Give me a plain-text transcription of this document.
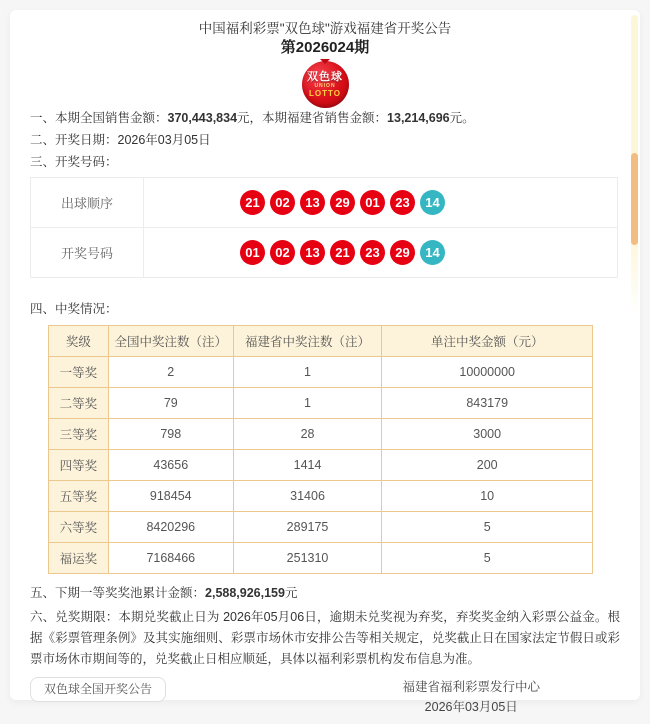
中国福利彩票"双色球"游戏福建省开奖公告
第2026024期
双色球
UNION
LOTTO
一、本期全国销售金额：370,443,834元，本期福建省销售金额：13,214,696元。
二、开奖日期：2026年03月05日
三、开奖号码：
出球顺序	21	02	13	29	01	23	14

开奖号码	01	02	13	21	23	29	14
四、中奖情况：
奖级	全国中奖注数（注）	福建省中奖注数（注）	单注中奖金额（元）
一等奖	2	1	10000000
二等奖	79	1	843179
三等奖	798	28	3000
四等奖	43656	1414	200
五等奖	918454	31406	10
六等奖	8420296	289175	5
福运奖	7168466	251310	5
五、下期一等奖奖池累计金额：2,588,926,159元
六、兑奖期限：本期兑奖截止日为 2026年05月06日，逾期未兑奖视为弃奖，弃奖奖金纳入彩票公益金。根据《彩票管理条例》及其实施细则、彩票市场休市安排公告等相关规定，兑奖截止日在国家法定节假日或彩票市场休市期间等的，兑奖截止日相应顺延，具体以福利彩票机构发布信息为准。
双色球全国开奖公告	福建省福利彩票发行中心
2026年03月05日
